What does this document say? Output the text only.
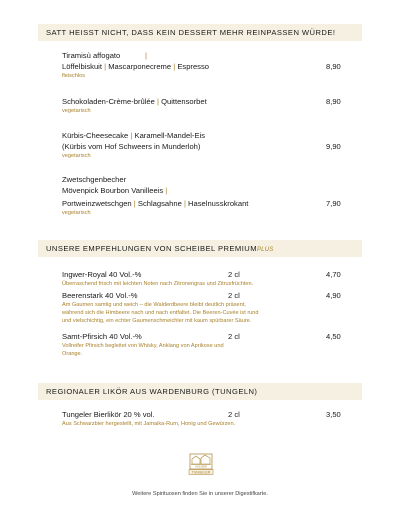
SATT HEISST NICHT, DASS KEIN DESSERT MEHR REINPASSEN WÜRDE!
Tiramisù affogato	|
Löffelbiskuit | Mascarponecreme | Espresso
fleischlos
8,90
Schokoladen-Crème-brûlée | Quittensorbet
vegetarisch
8,90
Kürbis-Cheesecake | Karamell-Mandel-Eis
(Kürbis vom Hof Schweers in Munderloh)
vegetarisch
9,90
Zwetschgenbecher
Mövenpick Bourbon Vanilleeis |
Portweinzwetschgen | Schlagsahne | Haselnusskrokant
vegetarisch
7,90
UNSERE EMPFEHLUNGEN VON SCHEIBEL PREMIUMPLUS
Ingwer-Royal 40 Vol.-%	2 cl	4,70
Überraschend frisch mit leichten Noten nach Zitronengras und Zitrusfrüchten.
Beerenstark 40 Vol.-%	2 cl	4,90
Am Gaumen samtig und weich – die Walderdbeere bleibt deutlich präsent,
während sich die Himbeere nach und nach entfaltet. Die Beeren-Cuvée ist rund
und vielschichtig, ein echter Gaumenschmeichler mit kaum spürbarer Säure.
Samt-Pfirsich 40 Vol.-%	2 cl	4,50
Vollreifer Pfirsich begleitet von Whisky, Anklang von Aprikose und
Orange.
REGIONALER LIKÖR AUS WARDENBURG (TUNGELN)
Tungeler Bierlikör 20 % vol.	2 cl	3,50
Aus Schwarzbier hergestellt, mit Jamaika-Rum, Honig und Gewürzen.
AUS DER
TUNGELER
Weitere Spirituosen finden Sie in unserer Digestifkarte.
